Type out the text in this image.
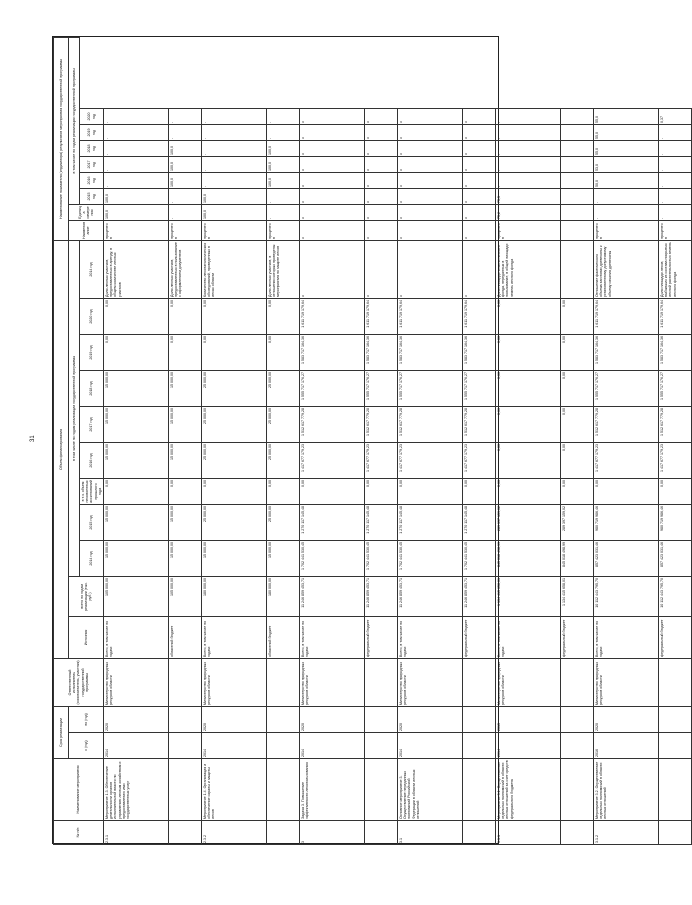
31
№ п/п	Наименование мероприятия	Срок реализации		Ответственный исполнитель (соисполнитель, участник) государственной программы	Объем финансирования											Наименование показателя (индикатора) результатов мероприятия государственной программы							
		с (год)	по (год)		Источник	всего по годам реализации (тыс. руб.)	в том числе по годам реализации государственной программы									Наименование	Единица измерения	в том числе по годам реализации государственной программы					
							2014 год	2015 год	в т.ч. объем неосвоенных ассигнований прошлого года	2016 год	2017 год	2018 год	2019 год	2020 год	2014 год			2015 год	2016 год	2017 год	2018 год	2019 год	2020 год
2.3.1	Мероприятие 1.3. Обеспечение деятельности органов исполнительной власти по управлению лесным хозяйством и предоставлению ими государственных услуг	2014	2020	Министерство природных ресурсов области	Всего, в том числе по годам:	105 000,00	15 000,00	15 000,00	0,00	15 000,00	15 000,00	15 000,00	0,00	0,00	Доля лесных участков, предоставленных в аренду, в общем количестве лесных участков	процентов	100,0	100,0	-	-	-	-	-
					областной бюджет	105 000,00	15 000,00	15 000,00	0,00	15 000,00	15 000,00	15 000,00	0,00	0,00	Доля лесных участков, предоставленных в пользование с оформлением документов	процентов	-	-	100,0	100,0	100,0	-	-
2.3.2	Мероприятие 1.4. Организация и обеспечение охраны и защиты лесов	2014	2020	Министерство природных ресурсов области	Всего, в том числе по годам:	180 000,00	15 000,00	25 000,00	0,00	25 000,00	25 000,00	25 000,00	0,00	0,00	Количество лесопатологических обследований, проведенных в лесах области	процентов	100,0	100,0	-	-	-	-	-
					областной бюджет	180 000,00	15 000,00	25 000,00	0,00	25 000,00	25 000,00	25 000,00	0,00	0,00	Доля лесных участков, в отношении которых проведены мероприятия по защите лесов	процентов	-	-	100,0	100,0	100,0	-	-
3	Задача 3. Повышение эффективности лесопользования	2014	2020	Министерство природных ресурсов области	Всего, в том числе по годам:	11 246 859 453,71	1 702 441 530,45	1 270 117 145,48	0,00	1 417 677 179,23	1 512 617 779,28	1 555 717 176,27	1 583 717 164,36	1 611 719 179,64	x	x	x	x	x	x	x	x	x
					федеральный бюджет	11 246 859 453,71	1 702 441 530,45	1 270 117 145,48	0,00	1 417 677 179,23	1 512 617 779,28	1 555 717 176,27	1 583 717 164,36	1 611 719 179,64	x	x	x	x	x	x	x	x	x
3.1	Основное мероприятие 3. Осуществление переданных полномочий Российской Федерации в области лесных отношений	2014	2020	Министерство природных ресурсов области	Всего, в том числе по годам:	11 246 859 453,71	1 702 441 530,45	1 270 117 145,48	0,00	1 417 677 179,23	1 512 617 779,28	1 555 717 176,27	1 583 717 164,36	1 611 719 179,64	x	x	x	x	x	x	x	x	x
					федеральный бюджет	11 246 859 453,71	1 702 441 530,45	1 270 117 145,48	0,00	1 417 677 179,23	1 512 617 779,28	1 555 717 176,27	1 583 717 164,36	1 611 719 179,64	x	x	x	x	x	x	x	x	x
3.1.1	Мероприятие 3.1. Осуществление отдельных полномочий в области лесных отношений за счет средств федерального бюджета	2014	2015	Министерство природных ресурсов области	Всего, в том числе по годам:	1 134 415 658,01	845 018 498,99	289 397 159,02	0,00	0,00	0,00	0,00	0,00	0,00	Доля площади земель лесного фонда, переданных в пользование, в общей площади земель лесного фонда	процентов	75,2	75,5	-	-	-	-	-
					федеральный бюджет	1 134 415 658,01	845 018 498,99	289 397 159,02	0,00	0,00	0,00	0,00	0,00	0,00									
3.1.2	Мероприятие 3.2. Осуществление отдельных полномочий в области лесных отношений	2016	2020	Министерство природных ресурсов области	Всего, в том числе по годам:	10 112 443 795,70	857 423 031,46	980 719 986,46	0,00	1 417 677 179,23	1 512 617 779,28	1 555 717 176,27	1 583 717 164,36	1 611 719 179,64	Отношение фактического объема заготовки древесины к установленному допустимому объему изъятия древесины	процентов	-	-	50,0	53,0	55,0	55,0	55,0
					федеральный бюджет	10 112 443 795,70	857 423 031,46	980 719 986,46	0,00	1 417 677 179,23	1 512 617 779,28	1 555 717 176,27	1 583 717 164,36	1 611 719 179,64	Доля площади лесов, выбывших из состава покрытых лесной растительностью земель лесного фонда	процентов	-	-	-	-	-	-	0,37
